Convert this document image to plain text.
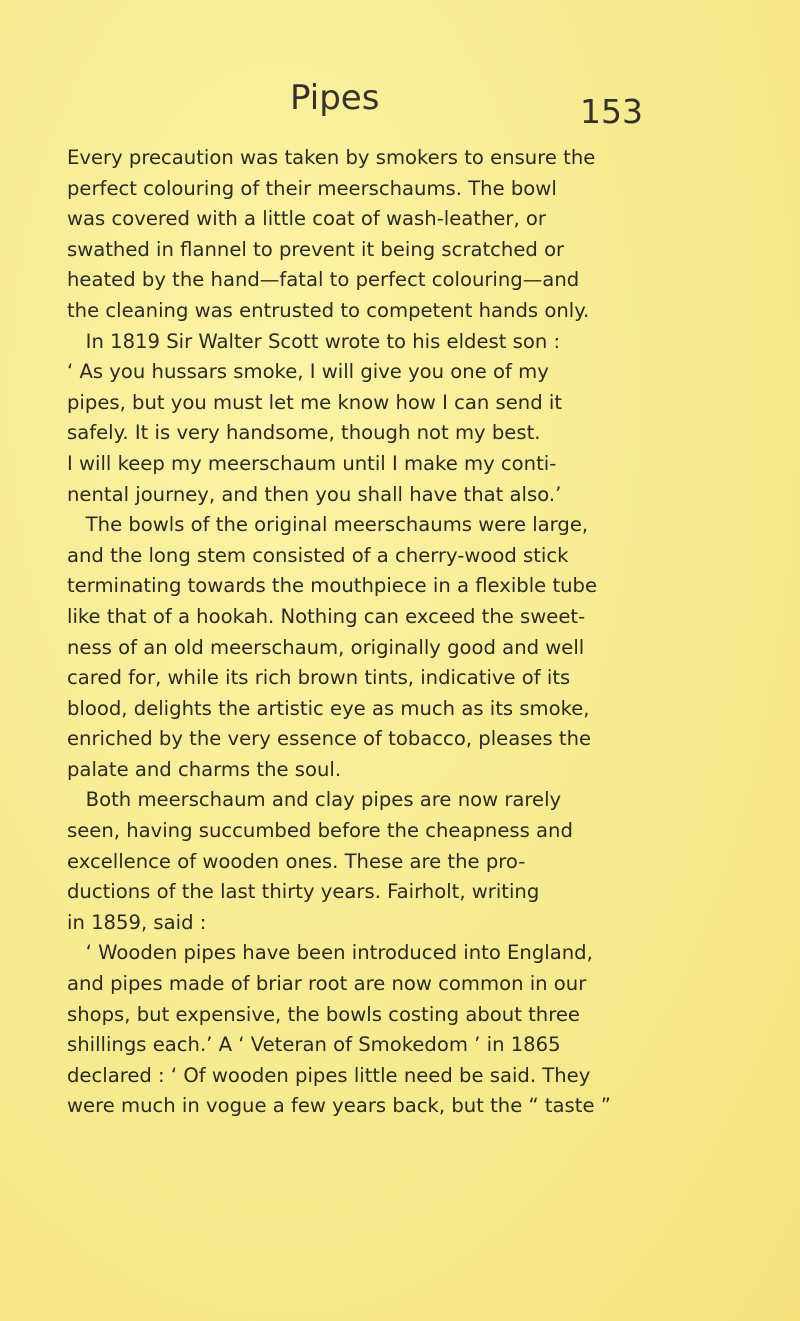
Pipes	153
Every precaution was taken by smokers to ensure the
perfect colouring of their meerschaums. The bowl
was covered with a little coat of wash-leather, or
swathed in flannel to prevent it being scratched or
heated by the hand—fatal to perfect colouring—and
the cleaning was entrusted to competent hands only.
In 1819 Sir Walter Scott wrote to his eldest son :
‘ As you hussars smoke, I will give you one of my
pipes, but you must let me know how I can send it
safely. It is very handsome, though not my best.
I will keep my meerschaum until I make my conti-
nental journey, and then you shall have that also.’
The bowls of the original meerschaums were large,
and the long stem consisted of a cherry-wood stick
terminating towards the mouthpiece in a flexible tube
like that of a hookah. Nothing can exceed the sweet-
ness of an old meerschaum, originally good and well
cared for, while its rich brown tints, indicative of its
blood, delights the artistic eye as much as its smoke,
enriched by the very essence of tobacco, pleases the
palate and charms the soul.
Both meerschaum and clay pipes are now rarely
seen, having succumbed before the cheapness and
excellence of wooden ones. These are the pro-
ductions of the last thirty years. Fairholt, writing
in 1859, said :
‘ Wooden pipes have been introduced into England,
and pipes made of briar root are now common in our
shops, but expensive, the bowls costing about three
shillings each.’ A ‘ Veteran of Smokedom ’ in 1865
declared : ‘ Of wooden pipes little need be said. They
were much in vogue a few years back, but the “ taste ”
